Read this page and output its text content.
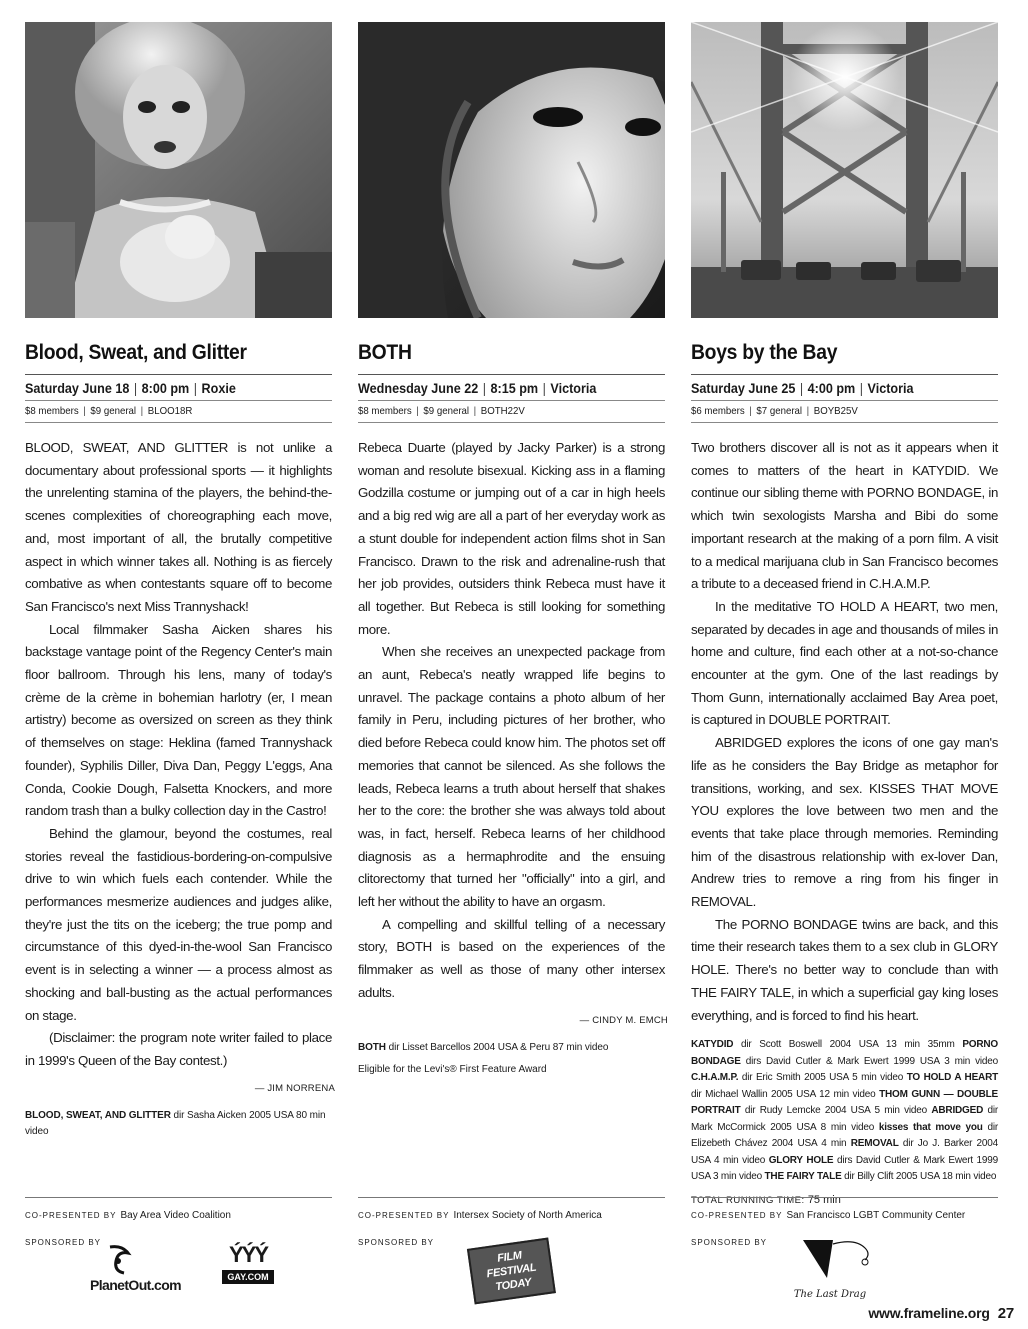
Blood, Sweat, and Glitter
Saturday June 18 | 8:00 pm | Roxie
$8 members | $9 general | BLOO18R

BLOOD, SWEAT, AND GLITTER is not unlike a documentary about professional sports — it highlights the unrelenting stamina of the players, the behind-the-scenes complexities of choreographing each move, and, most important of all, the brutally competitive aspect in which winner takes all. Nothing is as fiercely combative as when contestants square off to become San Francisco's next Miss Trannyshack!

Local filmmaker Sasha Aicken shares his backstage vantage point of the Regency Center's main floor ballroom. Through his lens, many of today's crème de la crème in bohemian harlotry (er, I mean artistry) become as oversized on screen as they think of themselves on stage: Heklina (famed Trannyshack founder), Syphilis Diller, Diva Dan, Peggy L'eggs, Ana Conda, Cookie Dough, Falsetta Knockers, and more random trash than a bulky collection day in the Castro!

Behind the glamour, beyond the costumes, real stories reveal the fastidious-bordering-on-compulsive drive to win which fuels each contender. While the performances mesmerize audiences and judges alike, they're just the tits on the iceberg; the true pomp and circumstance of this dyed-in-the-wool San Francisco event is in selecting a winner — a process almost as shocking and ball-busting as the actual performances on stage.

(Disclaimer: the program note writer failed to place in 1999's Queen of the Bay contest.)

— JIM NORRENA
BLOOD, SWEAT, AND GLITTER dir Sasha Aicken 2005 USA 80 min video
BOTH
Wednesday June 22 | 8:15 pm | Victoria
$8 members | $9 general | BOTH22V

Rebeca Duarte (played by Jacky Parker) is a strong woman and resolute bisexual. Kicking ass in a flaming Godzilla costume or jumping out of a car in high heels and a big red wig are all a part of her everyday work as a stunt double for independent action films shot in San Francisco. Drawn to the risk and adrenaline-rush that her job provides, outsiders think Rebeca must have it all together. But Rebeca is still looking for something more.

When she receives an unexpected package from an aunt, Rebeca's neatly wrapped life begins to unravel. The package contains a photo album of her family in Peru, including pictures of her brother, who died before Rebeca could know him. The photos set off memories that cannot be silenced. As she follows the leads, Rebeca learns a truth about herself that shakes her to the core: the brother she was always told about was, in fact, herself. Rebeca learns of her childhood diagnosis as a hermaphrodite and the ensuing clitorectomy that turned her "officially" into a girl, and left her without the ability to have an orgasm.

A compelling and skillful telling of a necessary story, BOTH is based on the experiences of the filmmaker as well as those of many other intersex adults.

— CINDY M. EMCH
BOTH dir Lisset Barcellos 2004 USA & Peru 87 min video
Eligible for the Levi's® First Feature Award
Boys by the Bay
Saturday June 25 | 4:00 pm | Victoria
$6 members | $7 general | BOYB25V

Two brothers discover all is not as it appears when it comes to matters of the heart in KATYDID. We continue our sibling theme with PORNO BONDAGE, in which twin sexologists Marsha and Bibi do some important research at the making of a porn film. A visit to a medical marijuana club in San Francisco becomes a tribute to a deceased friend in C.H.A.M.P.

In the meditative TO HOLD A HEART, two men, separated by decades in age and thousands of miles in home and culture, find each other at a not-so-chance encounter at the gym. One of the last readings by Thom Gunn, internationally acclaimed Bay Area poet, is captured in DOUBLE PORTRAIT.

ABRIDGED explores the icons of one gay man's life as he considers the Bay Bridge as metaphor for transitions, working, and sex. KISSES THAT MOVE YOU explores the love between two men and the events that take place through memories. Reminding him of the disastrous relationship with ex-lover Dan, Andrew tries to remove a ring from his finger in REMOVAL.

The PORNO BONDAGE twins are back, and this time their research takes them to a sex club in GLORY HOLE. There's no better way to conclude than with THE FAIRY TALE, in which a superficial gay king loses everything, and is forced to find his heart.

KATYDID dir Scott Boswell 2004 USA 13 min 35mm PORNO BONDAGE dirs David Cutler & Mark Ewert 1999 USA 3 min video C.H.A.M.P. dir Eric Smith 2005 USA 5 min video TO HOLD A HEART dir Michael Wallin 2005 USA 12 min video THOM GUNN — DOUBLE PORTRAIT dir Rudy Lemcke 2004 USA 5 min video ABRIDGED dir Mark McCormick 2005 USA 8 min video kisses that move you dir Elizebeth Chávez 2004 USA 4 min REMOVAL dir Jo J. Barker 2004 USA 4 min video GLORY HOLE dirs David Cutler & Mark Ewert 1999 USA 3 min video THE FAIRY TALE dir Billy Clift 2005 USA 18 min video
TOTAL RUNNING TIME: 75 min
CO-PRESENTED BY Bay Area Video Coalition	CO-PRESENTED BY Intersex Society of North America	CO-PRESENTED BY San Francisco LGBT Community Center
SPONSORED BY	SPONSORED BY	SPONSORED BY
PlanetOut.com
ÝÝÝ
GAY.COM
FILM FESTIVAL TODAY
The Last Drag
www.frameline.org 27
